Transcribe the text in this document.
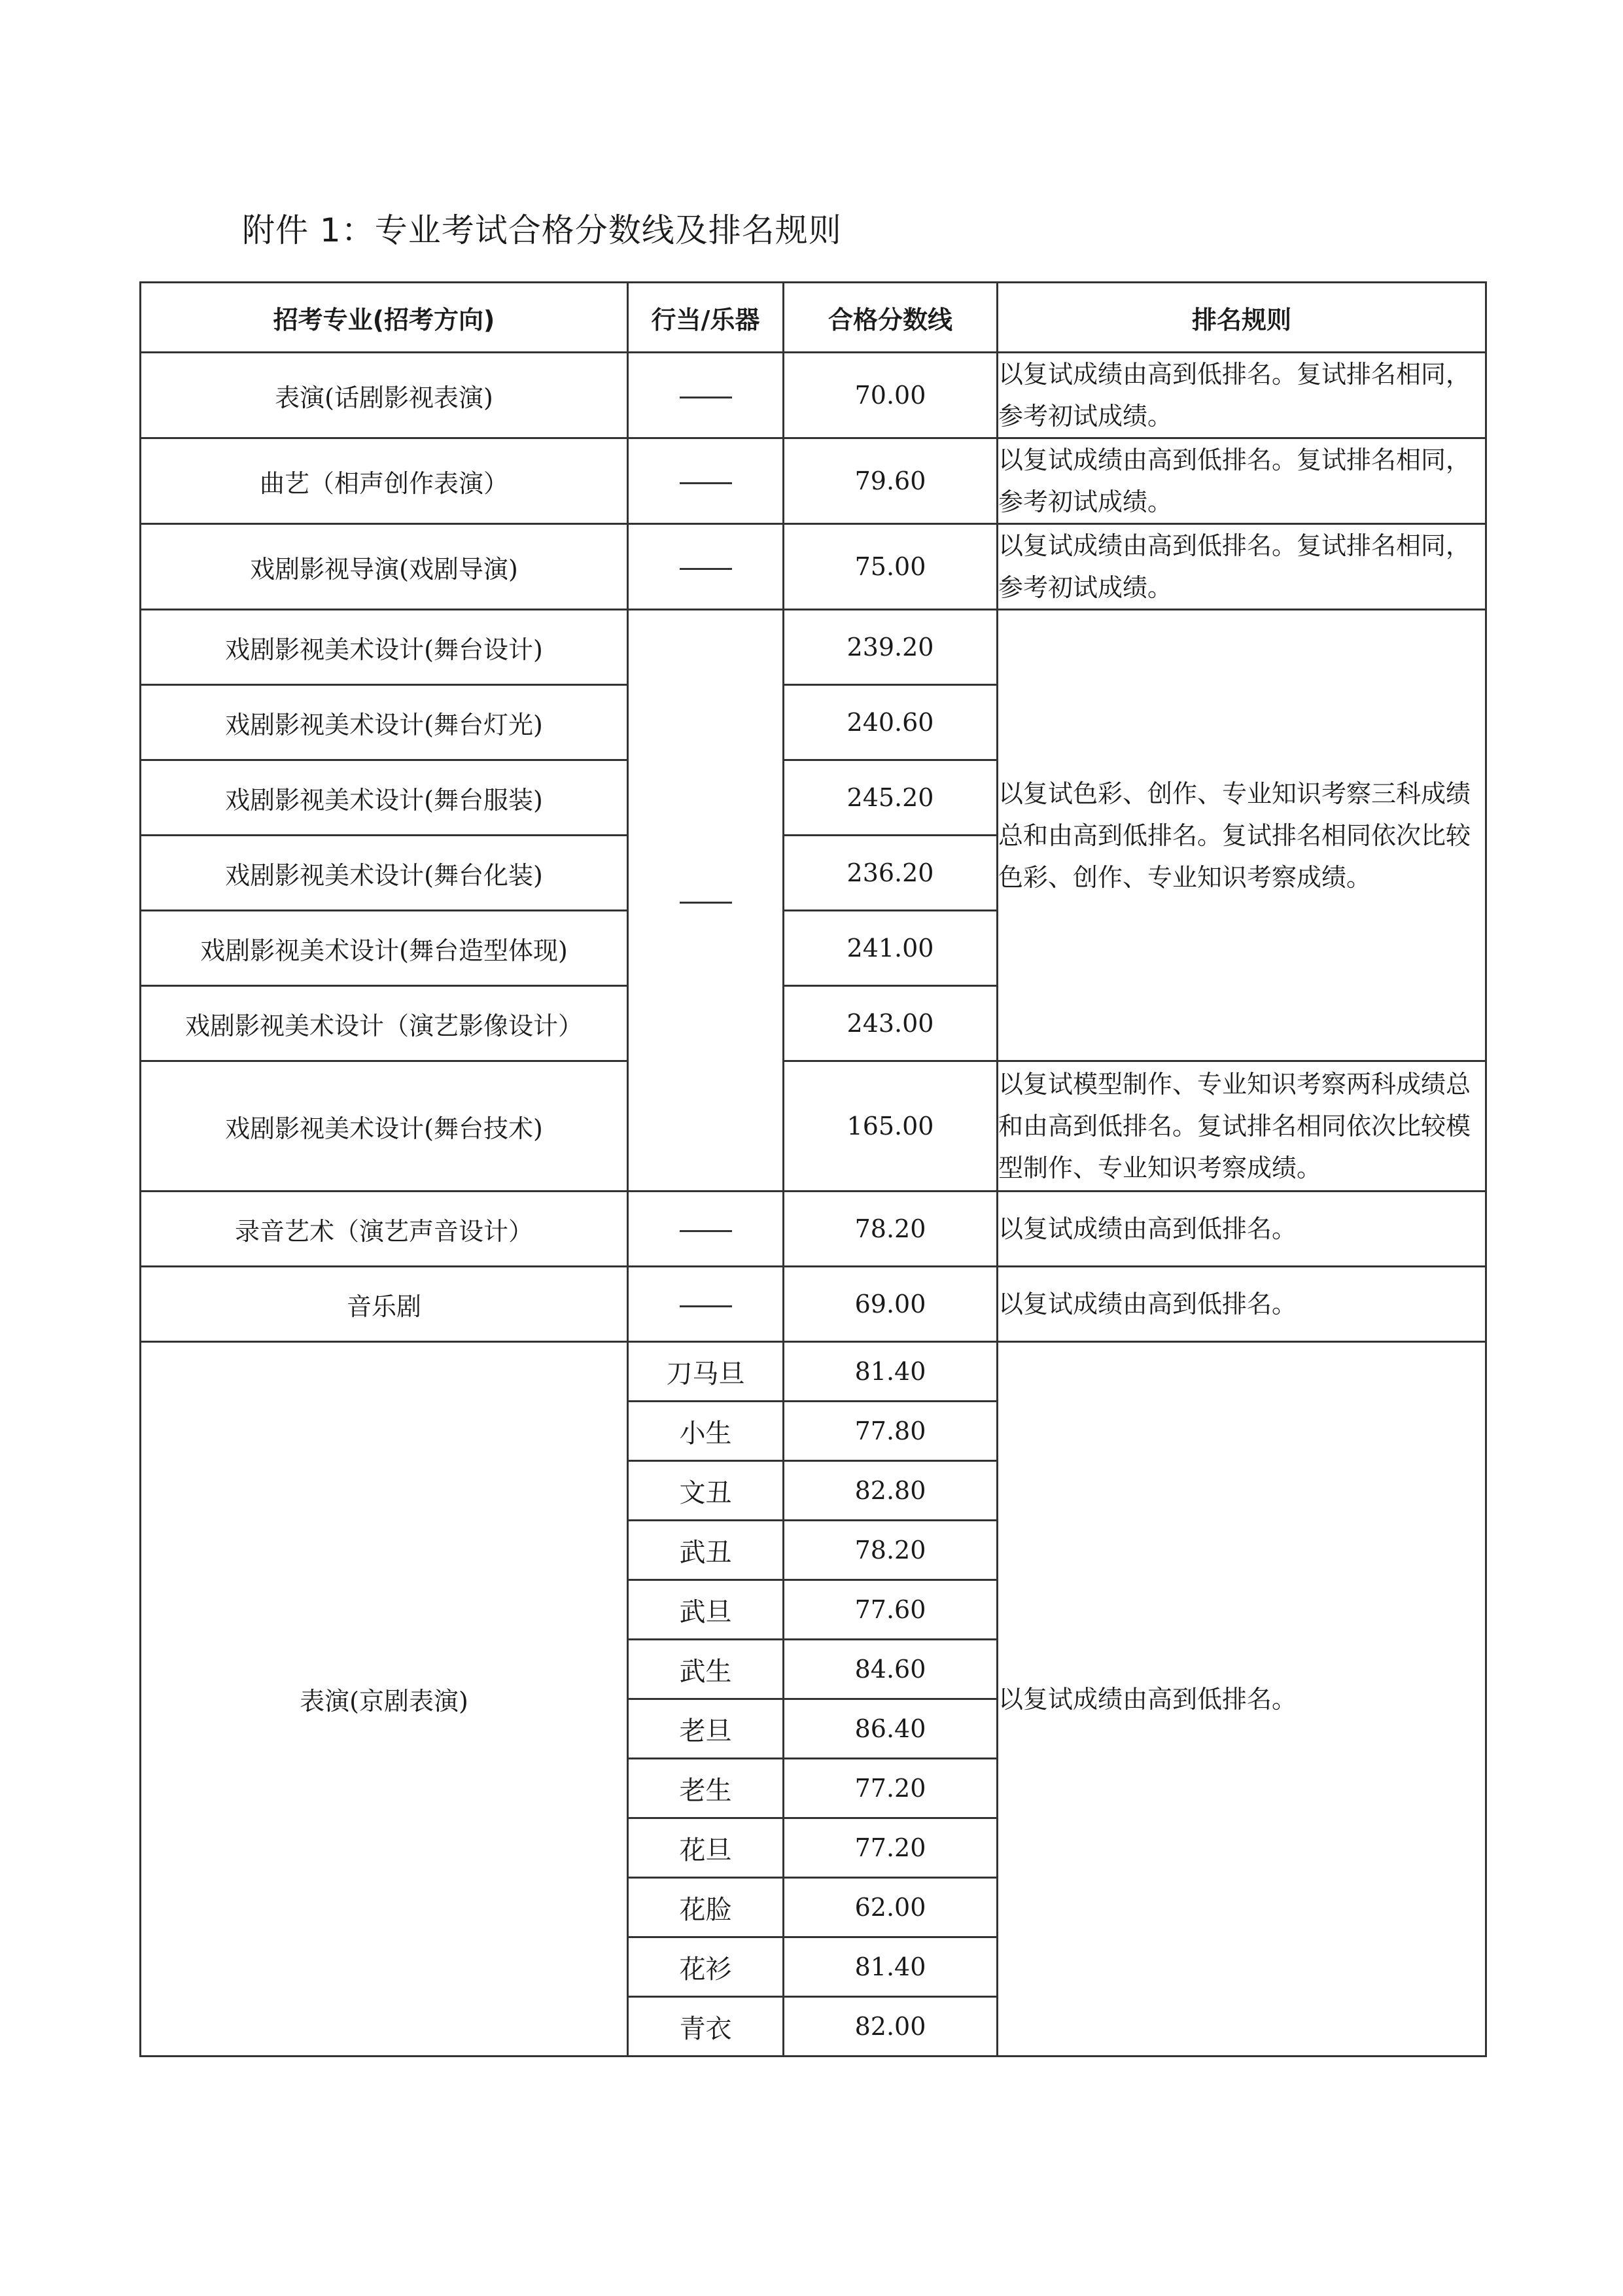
附件 1：专业考试合格分数线及排名规则
招考专业(招考方向)	行当/乐器	合格分数线	排名规则
表演(话剧影视表演)		70.00	以复试成绩由高到低排名。复试排名相同，参考初试成绩。
曲艺（相声创作表演）		79.60	以复试成绩由高到低排名。复试排名相同，参考初试成绩。
戏剧影视导演(戏剧导演)		75.00	以复试成绩由高到低排名。复试排名相同，参考初试成绩。
戏剧影视美术设计(舞台设计)		239.20	以复试色彩、创作、专业知识考察三科成绩总和由高到低排名。复试排名相同依次比较色彩、创作、专业知识考察成绩。
戏剧影视美术设计(舞台灯光)		240.60	
戏剧影视美术设计(舞台服装)		245.20	
戏剧影视美术设计(舞台化装)		236.20	
戏剧影视美术设计(舞台造型体现)		241.00	
戏剧影视美术设计（演艺影像设计）		243.00	
戏剧影视美术设计(舞台技术)		165.00	以复试模型制作、专业知识考察两科成绩总和由高到低排名。复试排名相同依次比较模型制作、专业知识考察成绩。
录音艺术（演艺声音设计）		78.20	以复试成绩由高到低排名。
音乐剧		69.00	以复试成绩由高到低排名。
表演(京剧表演)	刀马旦	81.40	以复试成绩由高到低排名。
	小生	77.80	
	文丑	82.80	
	武丑	78.20	
	武旦	77.60	
	武生	84.60	
	老旦	86.40	
	老生	77.20	
	花旦	77.20	
	花脸	62.00	
	花衫	81.40	
	青衣	82.00	
